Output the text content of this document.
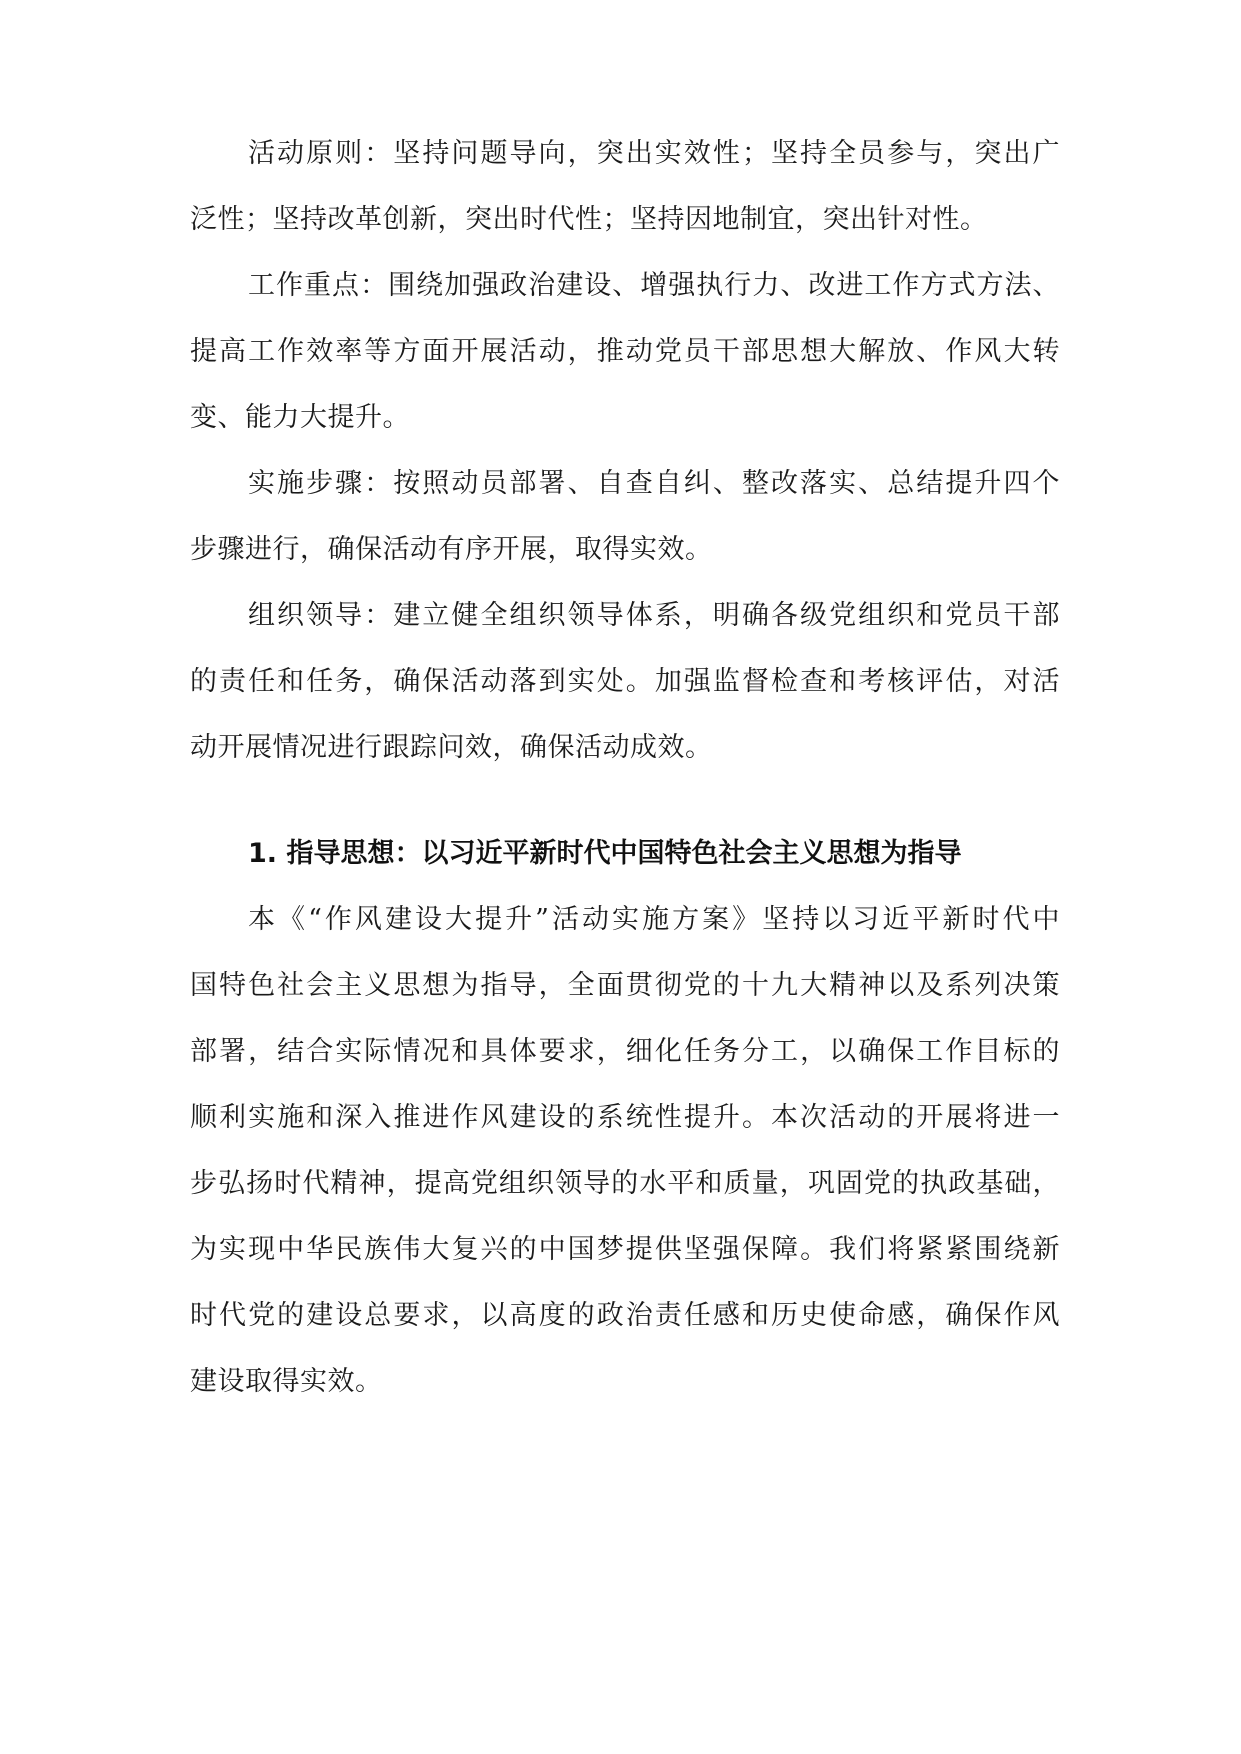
活动原则：坚持问题导向，突出实效性；坚持全员参与，突出广
泛性；坚持改革创新，突出时代性；坚持因地制宜，突出针对性。
工作重点：围绕加强政治建设、增强执行力、改进工作方式方法、
提高工作效率等方面开展活动，推动党员干部思想大解放、作风大转
变、能力大提升。
实施步骤：按照动员部署、自查自纠、整改落实、总结提升四个
步骤进行，确保活动有序开展，取得实效。
组织领导：建立健全组织领导体系，明确各级党组织和党员干部
的责任和任务，确保活动落到实处。加强监督检查和考核评估，对活
动开展情况进行跟踪问效，确保活动成效。
1. 指导思想：以习近平新时代中国特色社会主义思想为指导
本《“作风建设大提升”活动实施方案》坚持以习近平新时代中
国特色社会主义思想为指导，全面贯彻党的十九大精神以及系列决策
部署，结合实际情况和具体要求，细化任务分工，以确保工作目标的
顺利实施和深入推进作风建设的系统性提升。本次活动的开展将进一
步弘扬时代精神，提高党组织领导的水平和质量，巩固党的执政基础，
为实现中华民族伟大复兴的中国梦提供坚强保障。我们将紧紧围绕新
时代党的建设总要求，以高度的政治责任感和历史使命感，确保作风
建设取得实效。
